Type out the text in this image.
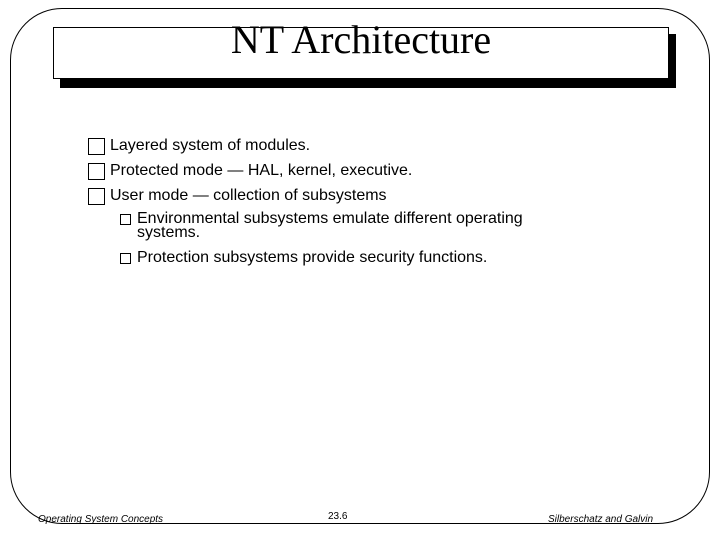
NT Architecture
Layered system of modules.
Protected mode — HAL, kernel, executive.
User mode — collection of subsystems
Environmental subsystems emulate different operating systems.
Protection subsystems provide security functions.
Operating System Concepts	23.6	Silberschatz and Galvin
